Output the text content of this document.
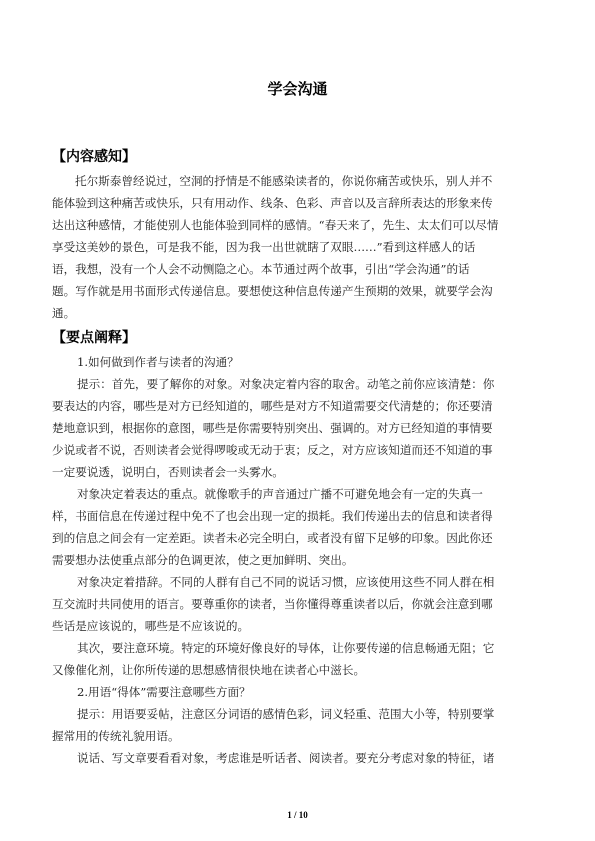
学会沟通
【内容感知】
托尔斯泰曾经说过，空洞的抒情是不能感染读者的，你说你痛苦或快乐，别人并不
能体验到这种痛苦或快乐，只有用动作、线条、色彩、声音以及言辞所表达的形象来传
达出这种感情，才能使别人也能体验到同样的感情。“春天来了，先生、太太们可以尽情
享受这美妙的景色，可是我不能，因为我一出世就瞎了双眼……”看到这样感人的话
语，我想，没有一个人会不动恻隐之心。本节通过两个故事，引出“学会沟通”的话
题。写作就是用书面形式传递信息。要想使这种信息传递产生预期的效果，就要学会沟
通。
【要点阐释】
1.如何做到作者与读者的沟通？
提示：首先，要了解你的对象。对象决定着内容的取舍。动笔之前你应该清楚：你
要表达的内容，哪些是对方已经知道的，哪些是对方不知道需要交代清楚的；你还要清
楚地意识到，根据你的意图，哪些是你需要特别突出、强调的。对方已经知道的事情要
少说或者不说，否则读者会觉得啰唆或无动于衷；反之，对方应该知道而还不知道的事
一定要说透，说明白，否则读者会一头雾水。
对象决定着表达的重点。就像歌手的声音通过广播不可避免地会有一定的失真一
样，书面信息在传递过程中免不了也会出现一定的损耗。我们传递出去的信息和读者得
到的信息之间会有一定差距。读者未必完全明白，或者没有留下足够的印象。因此你还
需要想办法使重点部分的色调更浓，使之更加鲜明、突出。
对象决定着措辞。不同的人群有自己不同的说话习惯，应该使用这些不同人群在相
互交流时共同使用的语言。要尊重你的读者，当你懂得尊重读者以后，你就会注意到哪
些话是应该说的，哪些是不应该说的。
其次，要注意环境。特定的环境好像良好的导体，让你要传递的信息畅通无阻；它
又像催化剂，让你所传递的思想感情很快地在读者心中滋长。
2.用语“得体”需要注意哪些方面？
提示：用语要妥帖，注意区分词语的感情色彩，词义轻重、范围大小等，特别要掌
握常用的传统礼貌用语。
说话、写文章要看看对象，考虑谁是听话者、阅读者。要充分考虑对象的特征，诸
1 / 10
